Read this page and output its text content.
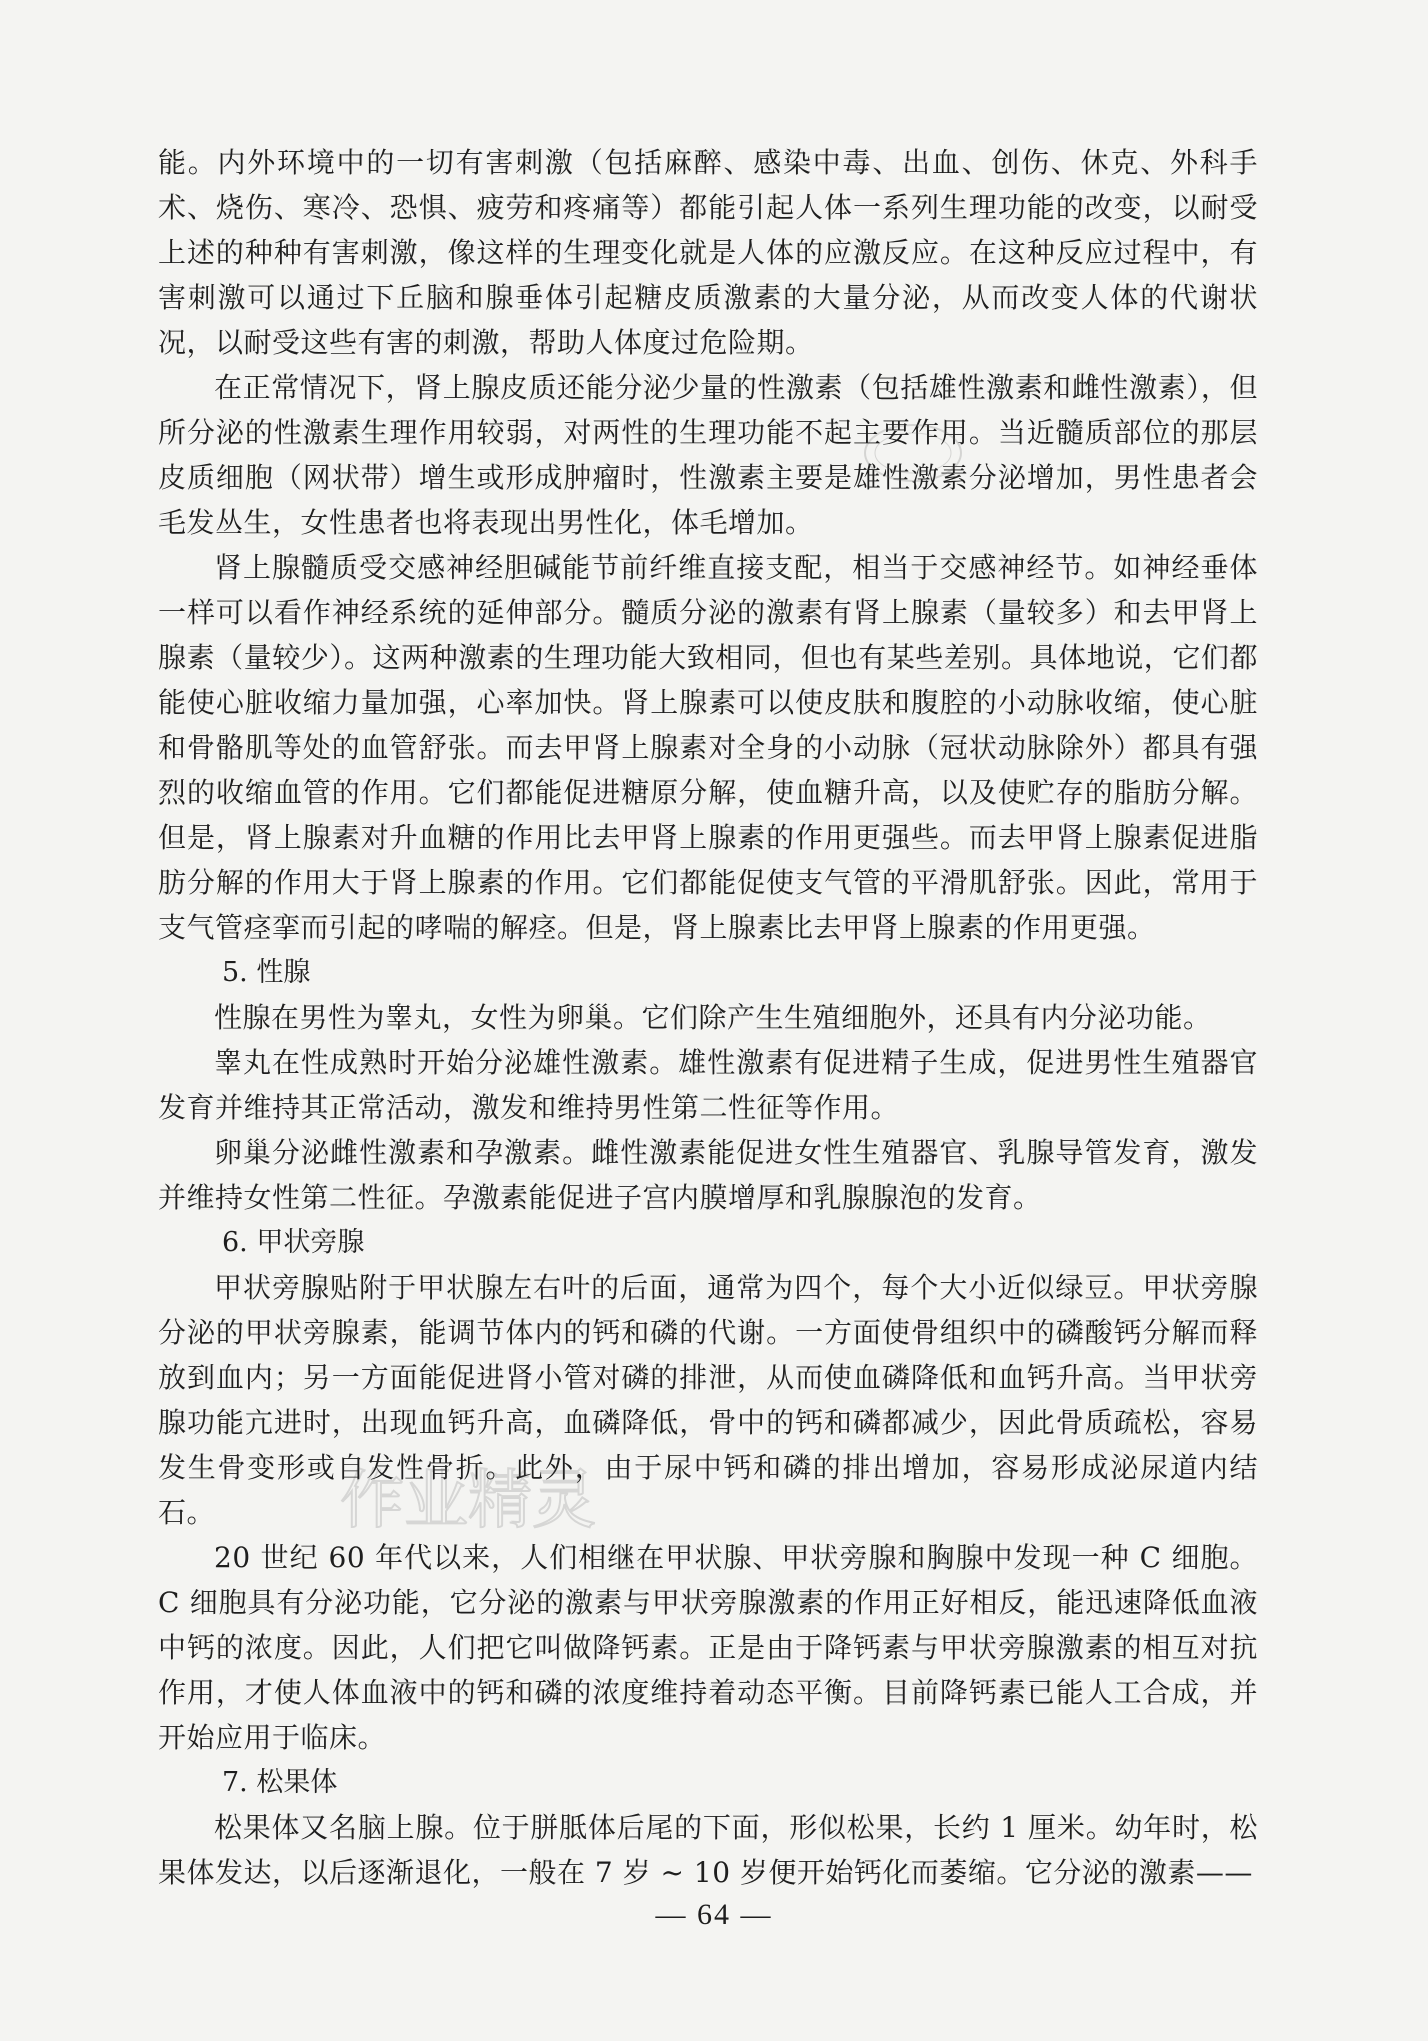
能。内外环境中的一切有害刺激（包括麻醉、感染中毒、出血、创伤、休克、外科手术、烧伤、寒冷、恐惧、疲劳和疼痛等）都能引起人体一系列生理功能的改变，以耐受上述的种种有害刺激，像这样的生理变化就是人体的应激反应。在这种反应过程中，有害刺激可以通过下丘脑和腺垂体引起糖皮质激素的大量分泌，从而改变人体的代谢状况，以耐受这些有害的刺激，帮助人体度过危险期。

在正常情况下，肾上腺皮质还能分泌少量的性激素（包括雄性激素和雌性激素），但所分泌的性激素生理作用较弱，对两性的生理功能不起主要作用。当近髓质部位的那层皮质细胞（网状带）增生或形成肿瘤时，性激素主要是雄性激素分泌增加，男性患者会毛发丛生，女性患者也将表现出男性化，体毛增加。

肾上腺髓质受交感神经胆碱能节前纤维直接支配，相当于交感神经节。如神经垂体一样可以看作神经系统的延伸部分。髓质分泌的激素有肾上腺素（量较多）和去甲肾上腺素（量较少）。这两种激素的生理功能大致相同，但也有某些差别。具体地说，它们都能使心脏收缩力量加强，心率加快。肾上腺素可以使皮肤和腹腔的小动脉收缩，使心脏和骨骼肌等处的血管舒张。而去甲肾上腺素对全身的小动脉（冠状动脉除外）都具有强烈的收缩血管的作用。它们都能促进糖原分解，使血糖升高，以及使贮存的脂肪分解。但是，肾上腺素对升血糖的作用比去甲肾上腺素的作用更强些。而去甲肾上腺素促进脂肪分解的作用大于肾上腺素的作用。它们都能促使支气管的平滑肌舒张。因此，常用于支气管痉挛而引起的哮喘的解痉。但是，肾上腺素比去甲肾上腺素的作用更强。

5. 性腺

性腺在男性为睾丸，女性为卵巢。它们除产生生殖细胞外，还具有内分泌功能。

睾丸在性成熟时开始分泌雄性激素。雄性激素有促进精子生成，促进男性生殖器官发育并维持其正常活动，激发和维持男性第二性征等作用。

卵巢分泌雌性激素和孕激素。雌性激素能促进女性生殖器官、乳腺导管发育，激发并维持女性第二性征。孕激素能促进子宫内膜增厚和乳腺腺泡的发育。

6. 甲状旁腺

甲状旁腺贴附于甲状腺左右叶的后面，通常为四个，每个大小近似绿豆。甲状旁腺分泌的甲状旁腺素，能调节体内的钙和磷的代谢。一方面使骨组织中的磷酸钙分解而释放到血内；另一方面能促进肾小管对磷的排泄，从而使血磷降低和血钙升高。当甲状旁腺功能亢进时，出现血钙升高，血磷降低，骨中的钙和磷都减少，因此骨质疏松，容易发生骨变形或自发性骨折。此外，由于尿中钙和磷的排出增加，容易形成泌尿道内结石。

20 世纪 60 年代以来，人们相继在甲状腺、甲状旁腺和胸腺中发现一种 C 细胞。C 细胞具有分泌功能，它分泌的激素与甲状旁腺激素的作用正好相反，能迅速降低血液中钙的浓度。因此，人们把它叫做降钙素。正是由于降钙素与甲状旁腺激素的相互对抗作用，才使人体血液中的钙和磷的浓度维持着动态平衡。目前降钙素已能人工合成，并开始应用于临床。

7. 松果体

松果体又名脑上腺。位于胼胝体后尾的下面，形似松果，长约 1 厘米。幼年时，松果体发达，以后逐渐退化，一般在 7 岁 ~ 10 岁便开始钙化而萎缩。它分泌的激素——

作业精灵
— 64 —
